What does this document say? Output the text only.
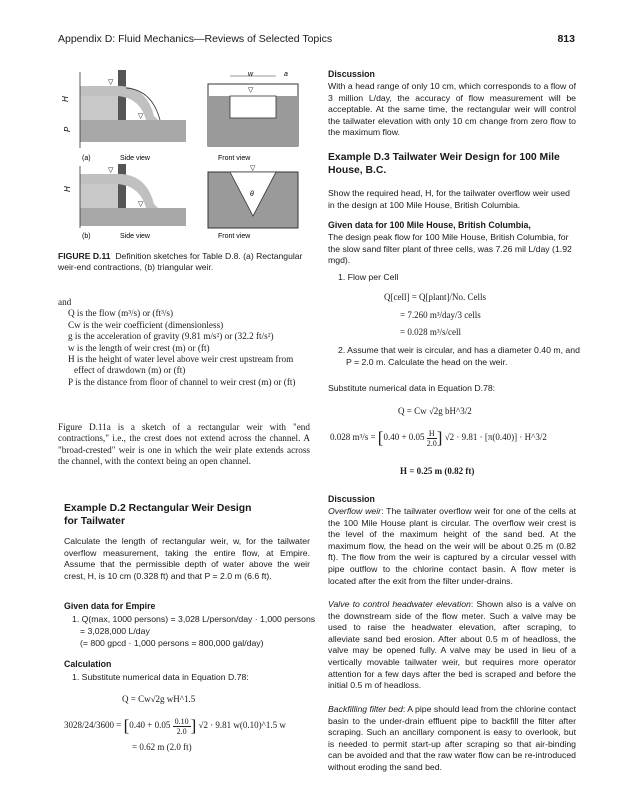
Appendix D: Fluid Mechanics—Reviews of Selected Topics	813
▽
▽
H
P
▽
w	a
(a)	Side view	Front view
▽
▽
H
▽
θ
(b)	Side view	Front view
FIGURE D.11 Definition sketches for Table D.8. (a) Rectangular weir-end contractions, (b) triangular weir.

and

Q is the flow (m³/s) or (ft³/s)

Cw is the weir coefficient (dimensionless)

g is the acceleration of gravity (9.81 m/s²) or (32.2 ft/s²)

w is the length of weir crest (m) or (ft)

H is the height of water level above weir crest upstream from effect of drawdown (m) or (ft)

P is the distance from floor of channel to weir crest (m) or (ft)

Figure D.11a is a sketch of a rectangular weir with "end contractions," i.e., the crest does not extend across the channel. A "broad-crested" weir is one in which the weir plate extends across the channel, with the context being an open channel.

Example D.2 Rectangular Weir Design

for Tailwater

Calculate the length of rectangular weir, w, for the tailwater overflow measurement, taking the entire flow, at Empire. Assume that the permissible depth of water above the weir crest, H, is 10 cm (0.328 ft) and that P = 2.0 m (6.6 ft).

Given data for Empire

1. Q(max, 1000 persons) = 3,028 L/person/day · 1,000 persons = 3,028,000 L/day

(= 800 gpcd · 1,000 persons = 800,000 gal/day)

Calculation

1. Substitute numerical data in Equation D.78:

Q = Cw√2g wH^1.5
$3028/24/3600 = [0.40 + 0.05 \frac{0.10}{2.0}$ ] √2 · 9.81 w(0.10)^1.5 w
= 0.62 m (2.0 ft)

Discussion

With a head range of only 10 cm, which corresponds to a flow of 3 million L/day, the accuracy of flow measurement will be acceptable. At the same time, the rectangular weir will control the tailwater elevation with only 10 cm change from zero flow to the maximum flow.

Example D.3 Tailwater Weir Design for 100 Mile

House, B.C.

Show the required head, H, for the tailwater overflow weir used in the design at 100 Mile House, British Columbia.

Given data for 100 Mile House, British Columbia,

The design peak flow for 100 Mile House, British Columbia, for the slow sand filter plant of three cells, was 7.26 mil L/day (1.92 mgd).

1. Flow per Cell

Q[cell] = Q[plant]/No. Cells
= 7.260 m³/day/3 cells
= 0.028 m³/s/cell

2. Assume that weir is circular, and has a diameter 0.40 m, and P = 2.0 m. Calculate the head on the weir.

Substitute numerical data in Equation D.78:

Q = Cw √2g bH^3/2
0.028 $m^3/s = [0.40 + 0.05 \frac{H}{2.0}$ ] √2 · 9.81 · [π(0.40)] · H^3/2
H = 0.25 m (0.82 ft)

Discussion

Overflow weir: The tailwater overflow weir for one of the cells at the 100 Mile House plant is circular. The overflow weir crest is the level of the maximum height of the sand bed. At the maximum flow, the head on the weir will be about 0.25 m (0.82 ft). The flow from the weir is captured by a circular vessel with pipe outflow to the chlorine contact basin. A flow meter is located after the exit from the filter under-drains.

Valve to control headwater elevation: Shown also is a valve on the downstream side of the flow meter. Such a valve may be used to raise the headwater elevation, after scraping, to alleviate sand bed erosion. After about 0.5 m of headloss, the valve may be opened fully. A valve may be used in lieu of a vertically movable tailwater weir, but requires more operator attention for a few days after the bed is scraped and before the initial 0.5 m of headloss.

Backfilling filter bed: A pipe should lead from the chlorine contact basin to the under-drain effluent pipe to backfill the filter after scraping. Such an ancillary component is easy to overlook, but is needed to permit start-up after scraping so that air-binding can be avoided and that the raw water flow can be re-introduced without eroding the sand bed.
